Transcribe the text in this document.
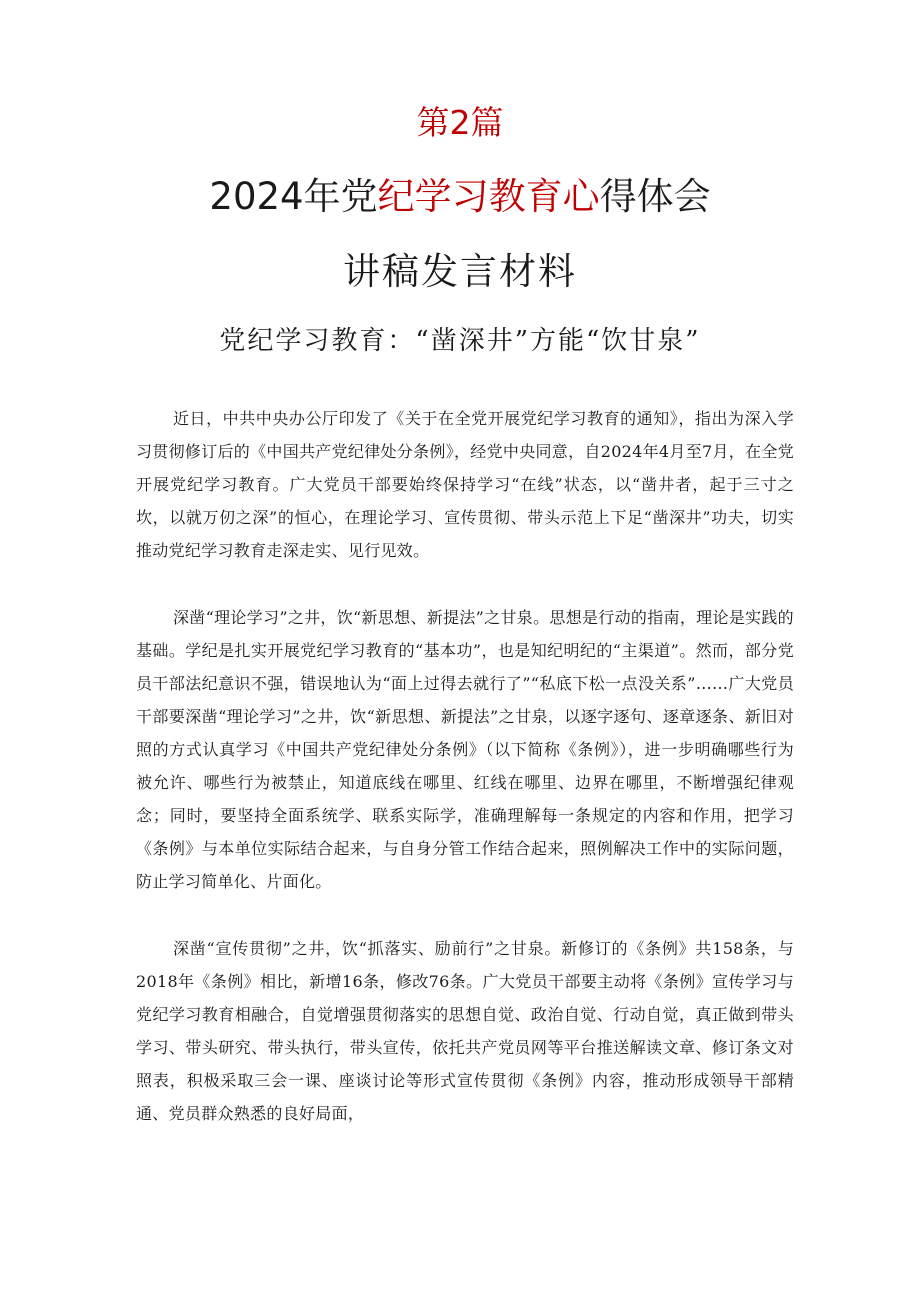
第2篇
2024年党纪学习教育心得体会
讲稿发言材料
党纪学习教育：“凿深井”方能“饮甘泉”

近日，中共中央办公厅印发了《关于在全党开展党纪学习教育的通知》，指出为深入学习贯彻修订后的《中国共产党纪律处分条例》，经党中央同意，自2024年4月至7月，在全党开展党纪学习教育。广大党员干部要始终保持学习“在线”状态，以“凿井者，起于三寸之坎，以就万仞之深”的恒心，在理论学习、宣传贯彻、带头示范上下足“凿深井”功夫，切实推动党纪学习教育走深走实、见行见效。

深凿“理论学习”之井，饮“新思想、新提法”之甘泉。思想是行动的指南，理论是实践的基础。学纪是扎实开展党纪学习教育的“基本功”，也是知纪明纪的“主渠道”。然而，部分党员干部法纪意识不强，错误地认为“面上过得去就行了”“私底下松一点没关系”……广大党员干部要深凿“理论学习”之井，饮“新思想、新提法”之甘泉，以逐字逐句、逐章逐条、新旧对照的方式认真学习《中国共产党纪律处分条例》（以下简称《条例》），进一步明确哪些行为被允许、哪些行为被禁止，知道底线在哪里、红线在哪里、边界在哪里，不断增强纪律观念；同时，要坚持全面系统学、联系实际学，准确理解每一条规定的内容和作用，把学习《条例》与本单位实际结合起来，与自身分管工作结合起来，照例解决工作中的实际问题，防止学习简单化、片面化。

深凿“宣传贯彻”之井，饮“抓落实、励前行”之甘泉。新修订的《条例》共158条，与2018年《条例》相比，新增16条，修改76条。广大党员干部要主动将《条例》宣传学习与党纪学习教育相融合，自觉增强贯彻落实的思想自觉、政治自觉、行动自觉，真正做到带头学习、带头研究、带头执行，带头宣传，依托共产党员网等平台推送解读文章、修订条文对照表，积极采取三会一课、座谈讨论等形式宣传贯彻《条例》内容，推动形成领导干部精通、党员群众熟悉的良好局面，
